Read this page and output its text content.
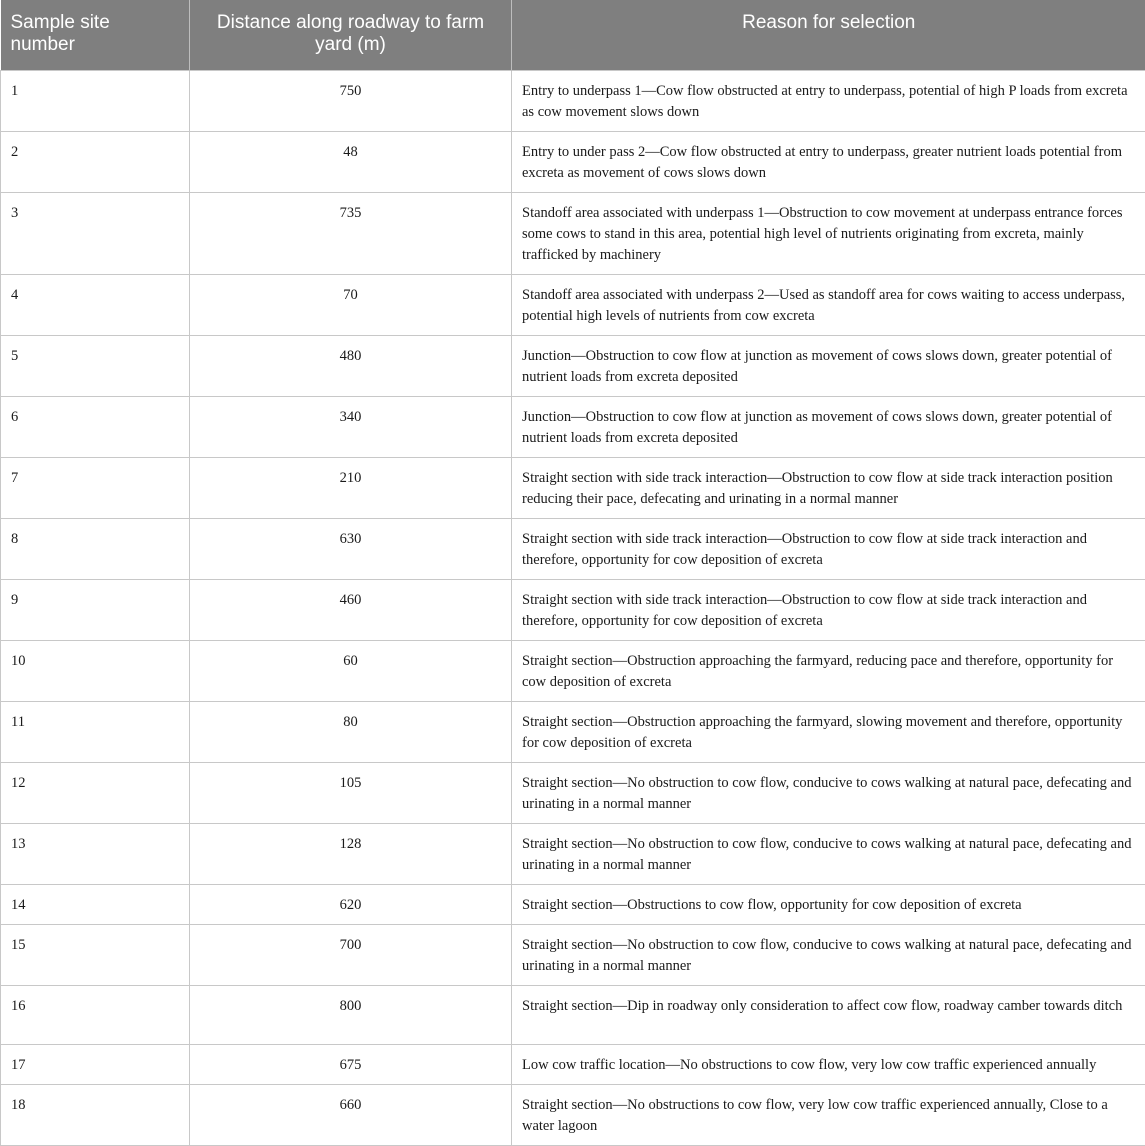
Sample site number	Distance along roadway to farm yard (m)	Reason for selection
1	750	Entry to underpass 1—Cow flow obstructed at entry to underpass, potential of high P loads from excreta as cow movement slows down
2	48	Entry to under pass 2—Cow flow obstructed at entry to underpass, greater nutrient loads potential from excreta as movement of cows slows down
3	735	Standoff area associated with underpass 1—Obstruction to cow movement at underpass entrance forces some cows to stand in this area, potential high level of nutrients originating from excreta, mainly trafficked by machinery
4	70	Standoff area associated with underpass 2—Used as standoff area for cows waiting to access underpass, potential high levels of nutrients from cow excreta
5	480	Junction—Obstruction to cow flow at junction as movement of cows slows down, greater potential of nutrient loads from excreta deposited
6	340	Junction—Obstruction to cow flow at junction as movement of cows slows down, greater potential of nutrient loads from excreta deposited
7	210	Straight section with side track interaction—Obstruction to cow flow at side track interaction position reducing their pace, defecating and urinating in a normal manner
8	630	Straight section with side track interaction—Obstruction to cow flow at side track interaction and therefore, opportunity for cow deposition of excreta
9	460	Straight section with side track interaction—Obstruction to cow flow at side track interaction and therefore, opportunity for cow deposition of excreta
10	60	Straight section—Obstruction approaching the farmyard, reducing pace and therefore, opportunity for cow deposition of excreta
11	80	Straight section—Obstruction approaching the farmyard, slowing movement and therefore, opportunity for cow deposition of excreta
12	105	Straight section—No obstruction to cow flow, conducive to cows walking at natural pace, defecating and urinating in a normal manner
13	128	Straight section—No obstruction to cow flow, conducive to cows walking at natural pace, defecating and urinating in a normal manner
14	620	Straight section—Obstructions to cow flow, opportunity for cow deposition of excreta
15	700	Straight section—No obstruction to cow flow, conducive to cows walking at natural pace, defecating and urinating in a normal manner
16	800	Straight section—Dip in roadway only consideration to affect cow flow, roadway camber towards ditch
17	675	Low cow traffic location—No obstructions to cow flow, very low cow traffic experienced annually
18	660	Straight section—No obstructions to cow flow, very low cow traffic experienced annually, Close to a water lagoon
